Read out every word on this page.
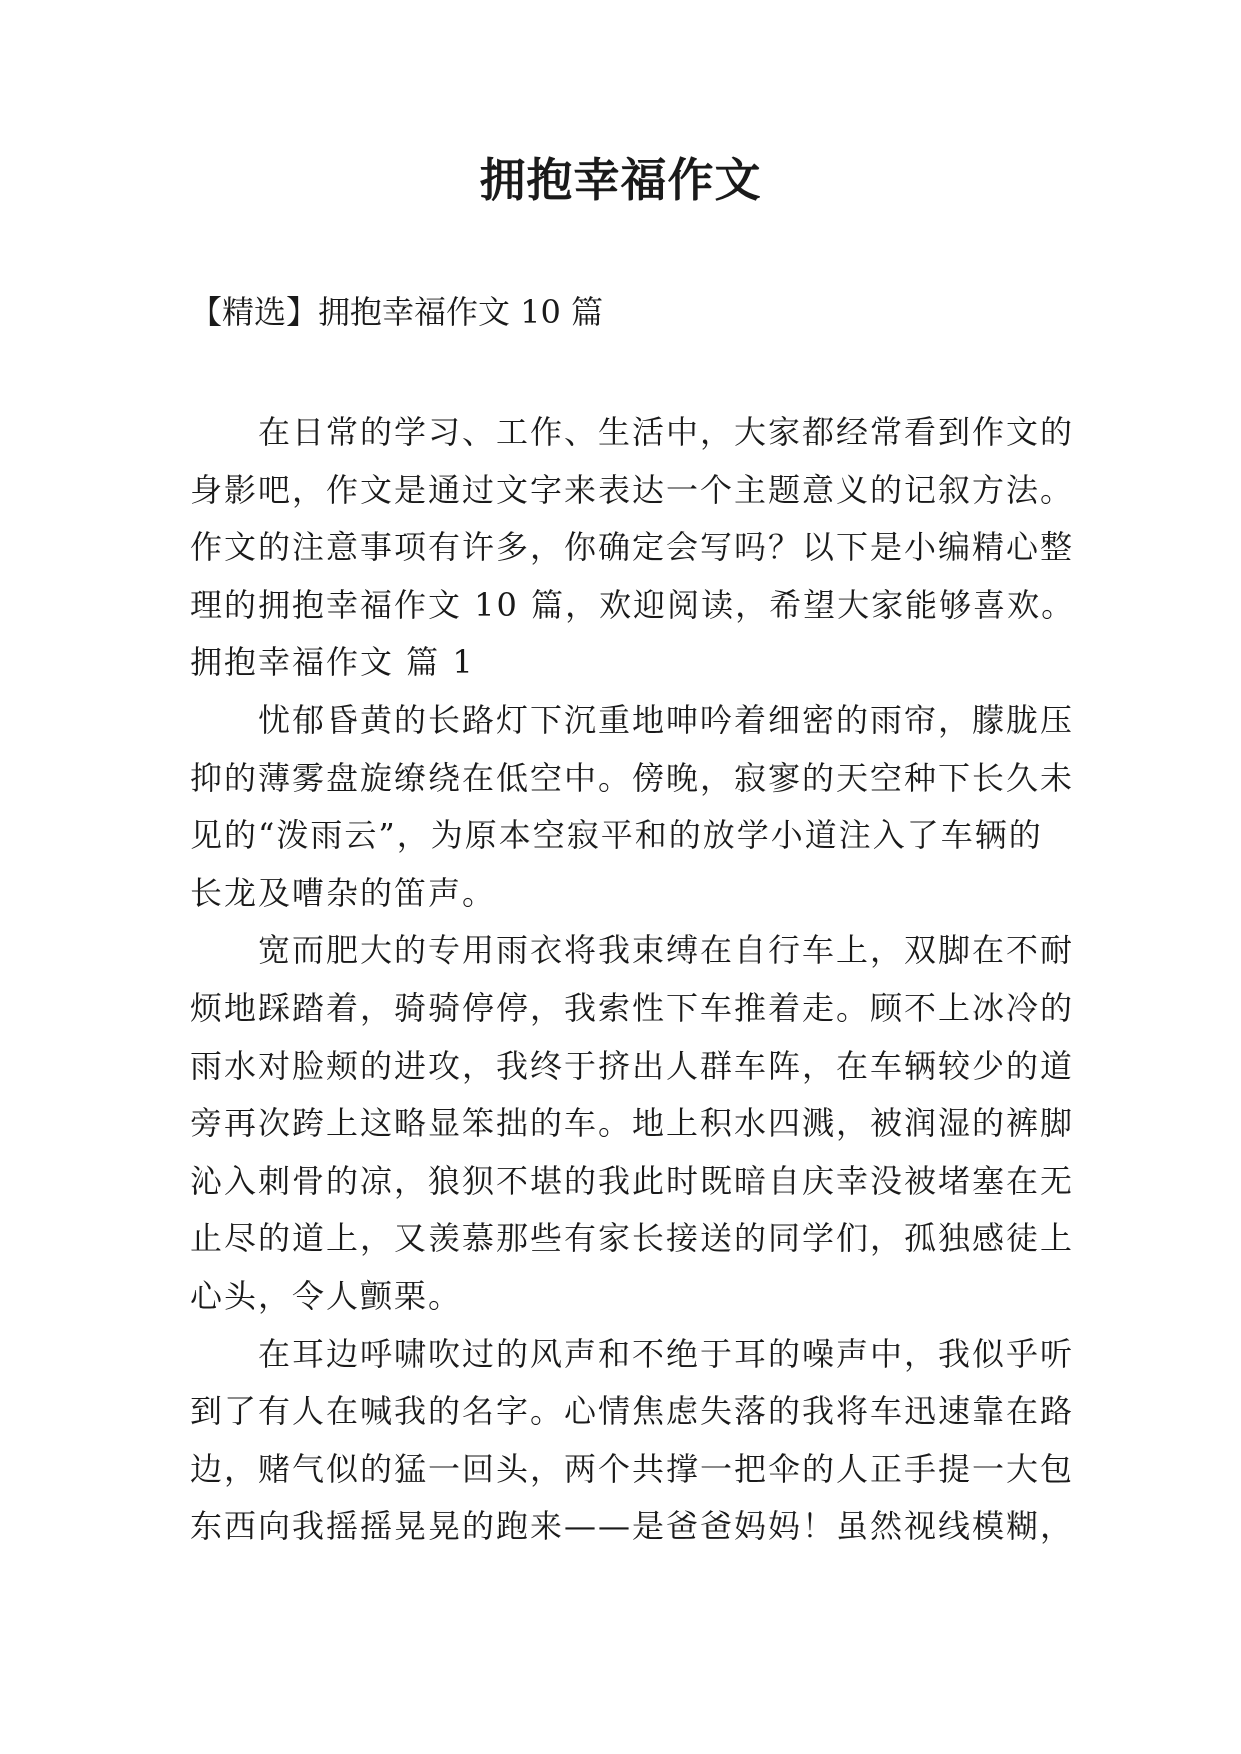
拥抱幸福作文

【精选】拥抱幸福作文 10 篇

在日常的学习、工作、生活中，大家都经常看到作文的
身影吧，作文是通过文字来表达一个主题意义的记叙方法。
作文的注意事项有许多，你确定会写吗？以下是小编精心整
理的拥抱幸福作文 10 篇，欢迎阅读，希望大家能够喜欢。
拥抱幸福作文 篇 1
忧郁昏黄的长路灯下沉重地呻吟着细密的雨帘，朦胧压
抑的薄雾盘旋缭绕在低空中。傍晚，寂寥的天空种下长久未
见的“泼雨云”，为原本空寂平和的放学小道注入了车辆的
长龙及嘈杂的笛声。
宽而肥大的专用雨衣将我束缚在自行车上，双脚在不耐
烦地踩踏着，骑骑停停，我索性下车推着走。顾不上冰冷的
雨水对脸颊的进攻，我终于挤出人群车阵，在车辆较少的道
旁再次跨上这略显笨拙的车。地上积水四溅，被润湿的裤脚
沁入刺骨的凉，狼狈不堪的我此时既暗自庆幸没被堵塞在无
止尽的道上，又羡慕那些有家长接送的同学们，孤独感徒上
心头，令人颤栗。
在耳边呼啸吹过的风声和不绝于耳的噪声中，我似乎听
到了有人在喊我的名字。心情焦虑失落的我将车迅速靠在路
边，赌气似的猛一回头，两个共撑一把伞的人正手提一大包
东西向我摇摇晃晃的跑来——是爸爸妈妈！虽然视线模糊，
